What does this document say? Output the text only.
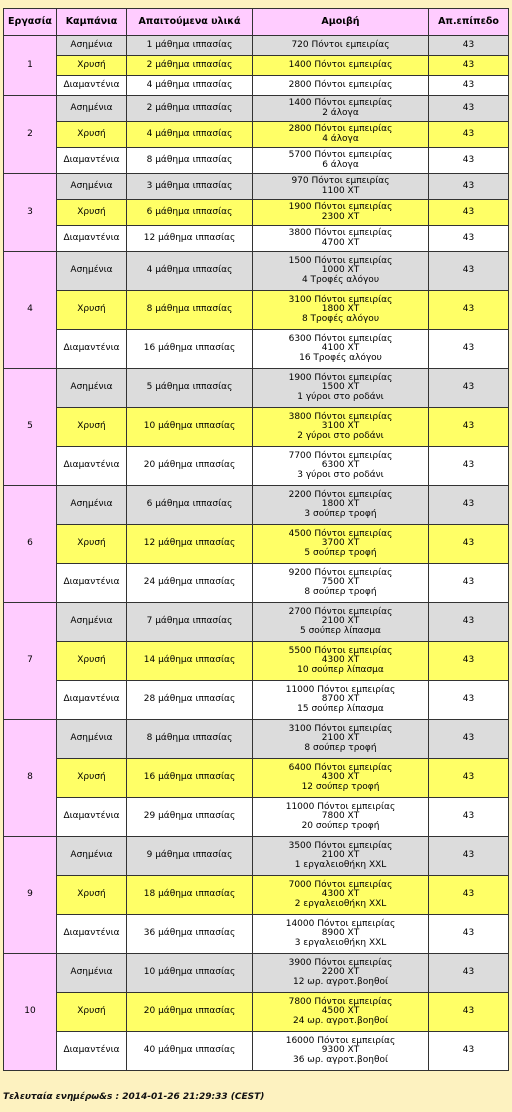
Εργασία	Καμπάνια	Απαιτούμενα υλικά	Αμοιβή	Απ.επίπεδο
1	Ασημένια	1 μάθημα ιππασίας	720 Πόντοι εμπειρίας	43
	Χρυσή	2 μάθημα ιππασίας	1400 Πόντοι εμπειρίας	43
	Διαμαντένια	4 μάθημα ιππασίας	2800 Πόντοι εμπειρίας	43
2	Ασημένια	2 μάθημα ιππασίας	1400 Πόντοι εμπειρίας
2 άλογα	43
	Χρυσή	4 μάθημα ιππασίας	2800 Πόντοι εμπειρίας
4 άλογα	43
	Διαμαντένια	8 μάθημα ιππασίας	5700 Πόντοι εμπειρίας
6 άλογα	43
3	Ασημένια	3 μάθημα ιππασίας	970 Πόντοι εμπειρίας
1100 ΧΤ	43
	Χρυσή	6 μάθημα ιππασίας	1900 Πόντοι εμπειρίας
2300 ΧΤ	43
	Διαμαντένια	12 μάθημα ιππασίας	3800 Πόντοι εμπειρίας
4700 ΧΤ	43
4	Ασημένια	4 μάθημα ιππασίας	1500 Πόντοι εμπειρίας
1000 ΧΤ
4 Τροφές αλόγου	43
	Χρυσή	8 μάθημα ιππασίας	3100 Πόντοι εμπειρίας
1800 ΧΤ
8 Τροφές αλόγου	43
	Διαμαντένια	16 μάθημα ιππασίας	6300 Πόντοι εμπειρίας
4100 ΧΤ
16 Τροφές αλόγου	43
5	Ασημένια	5 μάθημα ιππασίας	1900 Πόντοι εμπειρίας
1500 ΧΤ
1 γύροι στο ροδάνι	43
	Χρυσή	10 μάθημα ιππασίας	3800 Πόντοι εμπειρίας
3100 ΧΤ
2 γύροι στο ροδάνι	43
	Διαμαντένια	20 μάθημα ιππασίας	7700 Πόντοι εμπειρίας
6300 ΧΤ
3 γύροι στο ροδάνι	43
6	Ασημένια	6 μάθημα ιππασίας	2200 Πόντοι εμπειρίας
1800 ΧΤ
3 σούπερ τροφή	43
	Χρυσή	12 μάθημα ιππασίας	4500 Πόντοι εμπειρίας
3700 ΧΤ
5 σούπερ τροφή	43
	Διαμαντένια	24 μάθημα ιππασίας	9200 Πόντοι εμπειρίας
7500 ΧΤ
8 σούπερ τροφή	43
7	Ασημένια	7 μάθημα ιππασίας	2700 Πόντοι εμπειρίας
2100 ΧΤ
5 σούπερ λίπασμα	43
	Χρυσή	14 μάθημα ιππασίας	5500 Πόντοι εμπειρίας
4300 ΧΤ
10 σούπερ λίπασμα	43
	Διαμαντένια	28 μάθημα ιππασίας	11000 Πόντοι εμπειρίας
8700 ΧΤ
15 σούπερ λίπασμα	43
8	Ασημένια	8 μάθημα ιππασίας	3100 Πόντοι εμπειρίας
2100 ΧΤ
8 σούπερ τροφή	43
	Χρυσή	16 μάθημα ιππασίας	6400 Πόντοι εμπειρίας
4300 ΧΤ
12 σούπερ τροφή	43
	Διαμαντένια	29 μάθημα ιππασίας	11000 Πόντοι εμπειρίας
7800 ΧΤ
20 σούπερ τροφή	43
9	Ασημένια	9 μάθημα ιππασίας	3500 Πόντοι εμπειρίας
2100 ΧΤ
1 εργαλειοθήκη XXL	43
	Χρυσή	18 μάθημα ιππασίας	7000 Πόντοι εμπειρίας
4300 ΧΤ
2 εργαλειοθήκη XXL	43
	Διαμαντένια	36 μάθημα ιππασίας	14000 Πόντοι εμπειρίας
8900 ΧΤ
3 εργαλειοθήκη XXL	43
10	Ασημένια	10 μάθημα ιππασίας	3900 Πόντοι εμπειρίας
2200 ΧΤ
12 ωρ. αγροτ.βοηθοί	43
	Χρυσή	20 μάθημα ιππασίας	7800 Πόντοι εμπειρίας
4500 ΧΤ
24 ωρ. αγροτ.βοηθοί	43
	Διαμαντένια	40 μάθημα ιππασίας	16000 Πόντοι εμπειρίας
9300 ΧΤ
36 ωρ. αγροτ.βοηθοί	43
Τελευταία ενημέρω&s : 2014-01-26 21:29:33 (CEST)
